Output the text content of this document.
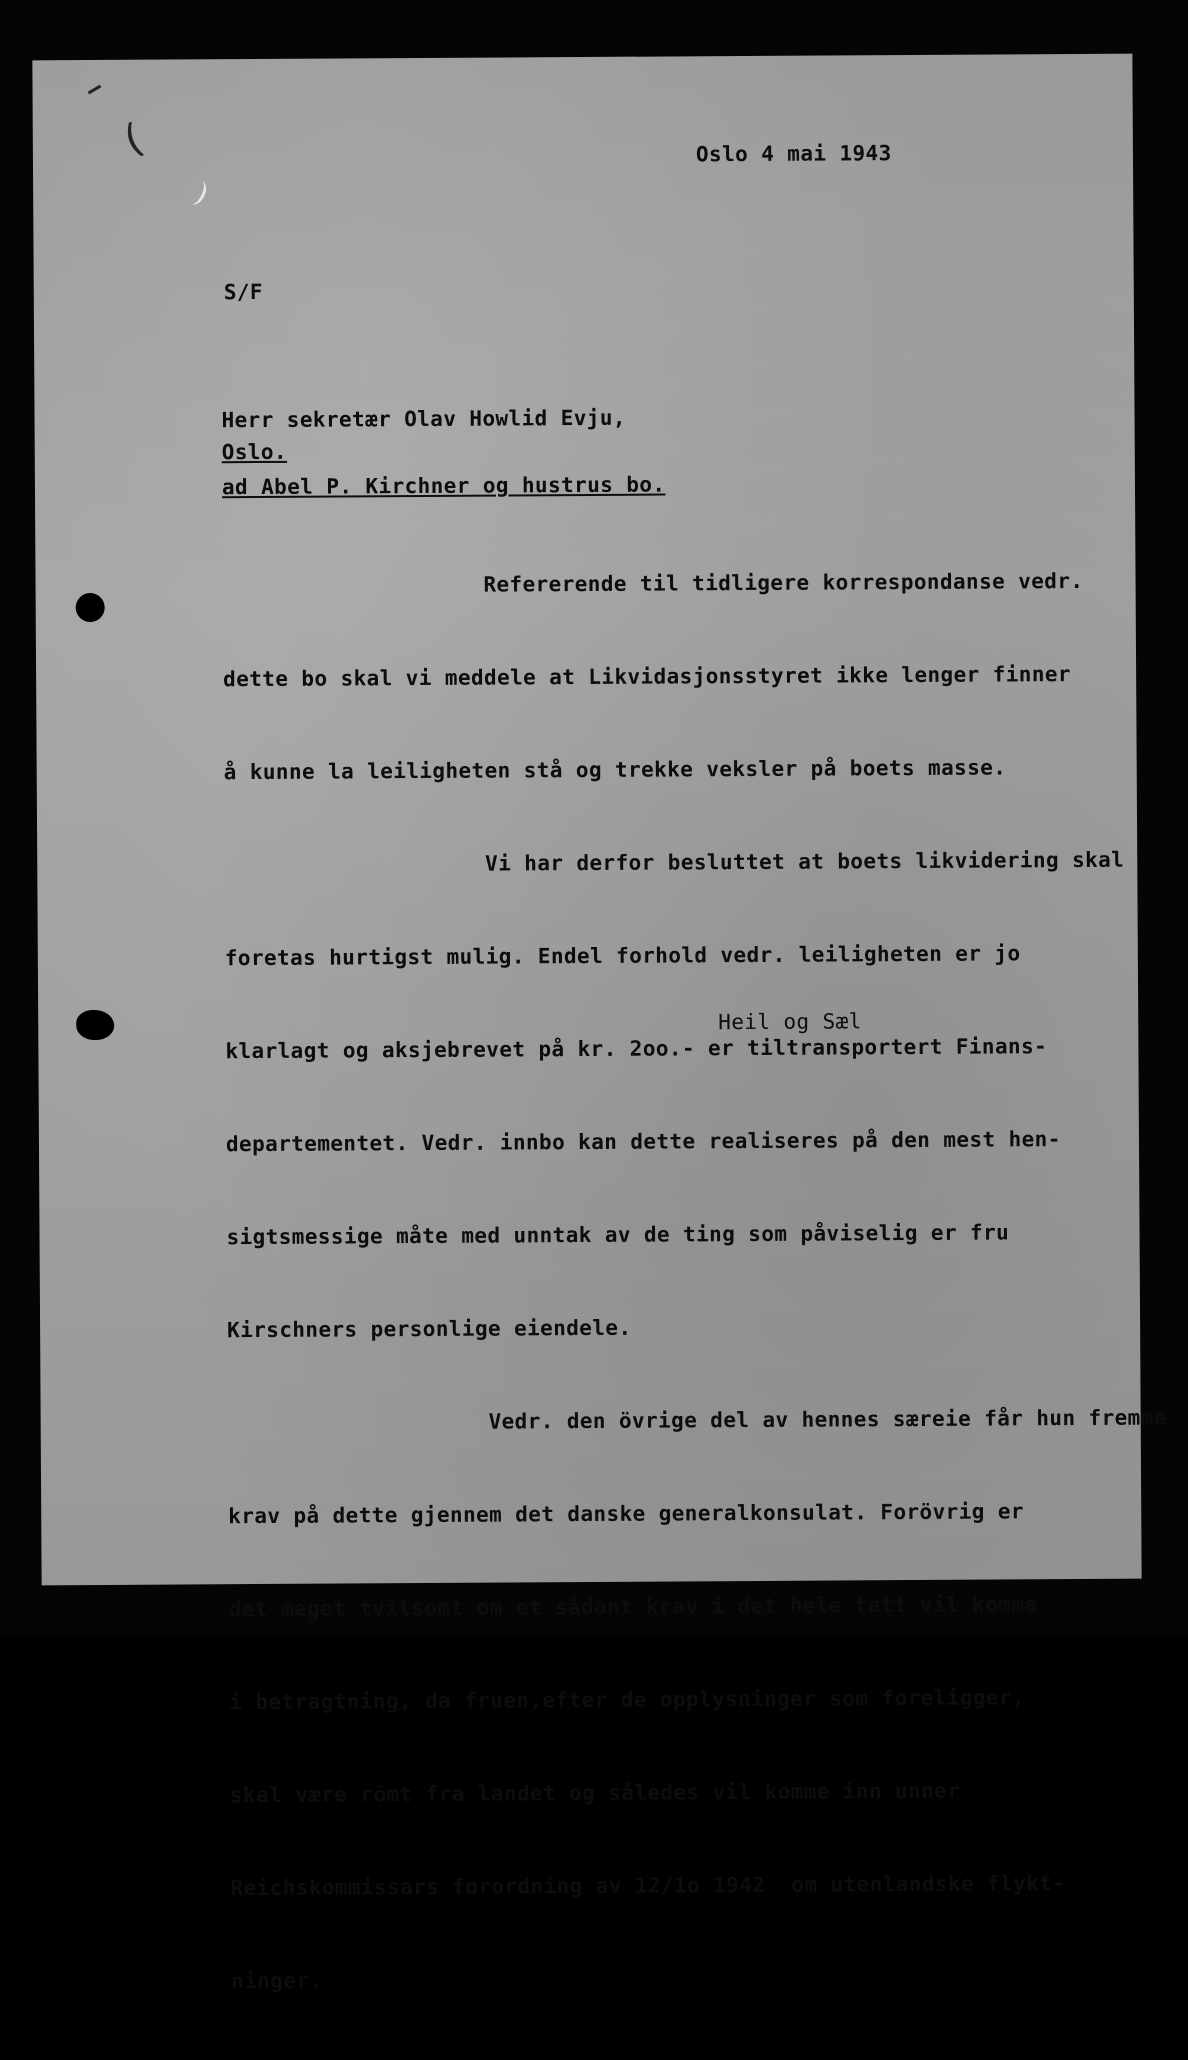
(	Oslo 4 mai 1943

S/F

Herr sekretær Olav Howlid Evju,

Oslo.

ad Abel P. Kirchner og hustrus bo.

Refererende til tidligere korrespondanse vedr.

dette bo skal vi meddele at Likvidasjonsstyret ikke lenger finner

å kunne la leiligheten stå og trekke veksler på boets masse.

Vi har derfor besluttet at boets likvidering skal

foretas hurtigst mulig. Endel forhold vedr. leiligheten er jo

klarlagt og aksjebrevet på kr. 2oo.- er tiltransportert Finans-

departementet. Vedr. innbo kan dette realiseres på den mest hen-

sigtsmessige måte med unntak av de ting som påviselig er fru

Kirschners personlige eiendele.

Vedr. den övrige del av hennes særeie får hun fremme

krav på dette gjennem det danske generalkonsulat. Forövrig er

det meget tvilsomt om et sådant krav i det hele tatt vil komme

i betragtning, da fruen,efter de opplysninger som foreligger,

skal være römt fra landet og således vil komme inn unner

Reichskommissars forordning av 12/1o 1942  om utenlandske flykt-

ninger.

Heil og Sæl
